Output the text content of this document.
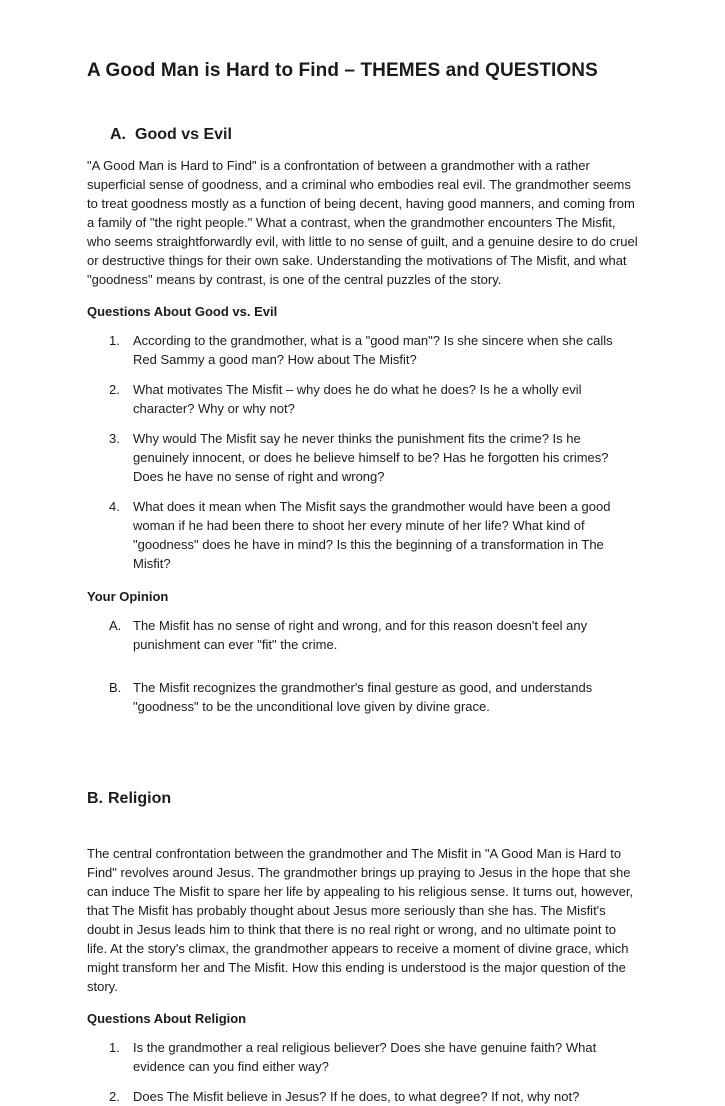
A Good Man is Hard to Find – THEMES and QUESTIONS
A. Good vs Evil

"A Good Man is Hard to Find" is a confrontation of between a grandmother with a rather superficial sense of goodness, and a criminal who embodies real evil. The grandmother seems to treat goodness mostly as a function of being decent, having good manners, and coming from a family of "the right people." What a contrast, when the grandmother encounters The Misfit, who seems straightforwardly evil, with little to no sense of guilt, and a genuine desire to do cruel or destructive things for their own sake. Understanding the motivations of The Misfit, and what "goodness" means by contrast, is one of the central puzzles of the story.

Questions About Good vs. Evil
According to the grandmother, what is a "good man"? Is she sincere when she calls Red Sammy a good man? How about The Misfit?
What motivates The Misfit – why does he do what he does? Is he a wholly evil character? Why or why not?
Why would The Misfit say he never thinks the punishment fits the crime? Is he genuinely innocent, or does he believe himself to be? Has he forgotten his crimes? Does he have no sense of right and wrong?
What does it mean when The Misfit says the grandmother would have been a good woman if he had been there to shoot her every minute of her life? What kind of "goodness" does he have in mind? Is this the beginning of a transformation in The Misfit?
Your Opinion
The Misfit has no sense of right and wrong, and for this reason doesn't feel any punishment can ever "fit" the crime.
The Misfit recognizes the grandmother's final gesture as good, and understands "goodness" to be the unconditional love given by divine grace.
B. Religion

The central confrontation between the grandmother and The Misfit in "A Good Man is Hard to Find" revolves around Jesus. The grandmother brings up praying to Jesus in the hope that she can induce The Misfit to spare her life by appealing to his religious sense. It turns out, however, that The Misfit has probably thought about Jesus more seriously than she has. The Misfit's doubt in Jesus leads him to think that there is no real right or wrong, and no ultimate point to life. At the story's climax, the grandmother appears to receive a moment of divine grace, which might transform her and The Misfit. How this ending is understood is the major question of the story.

Questions About Religion
Is the grandmother a real religious believer? Does she have genuine faith? What evidence can you find either way?
Does The Misfit believe in Jesus? If he does, to what degree? If not, why not?
